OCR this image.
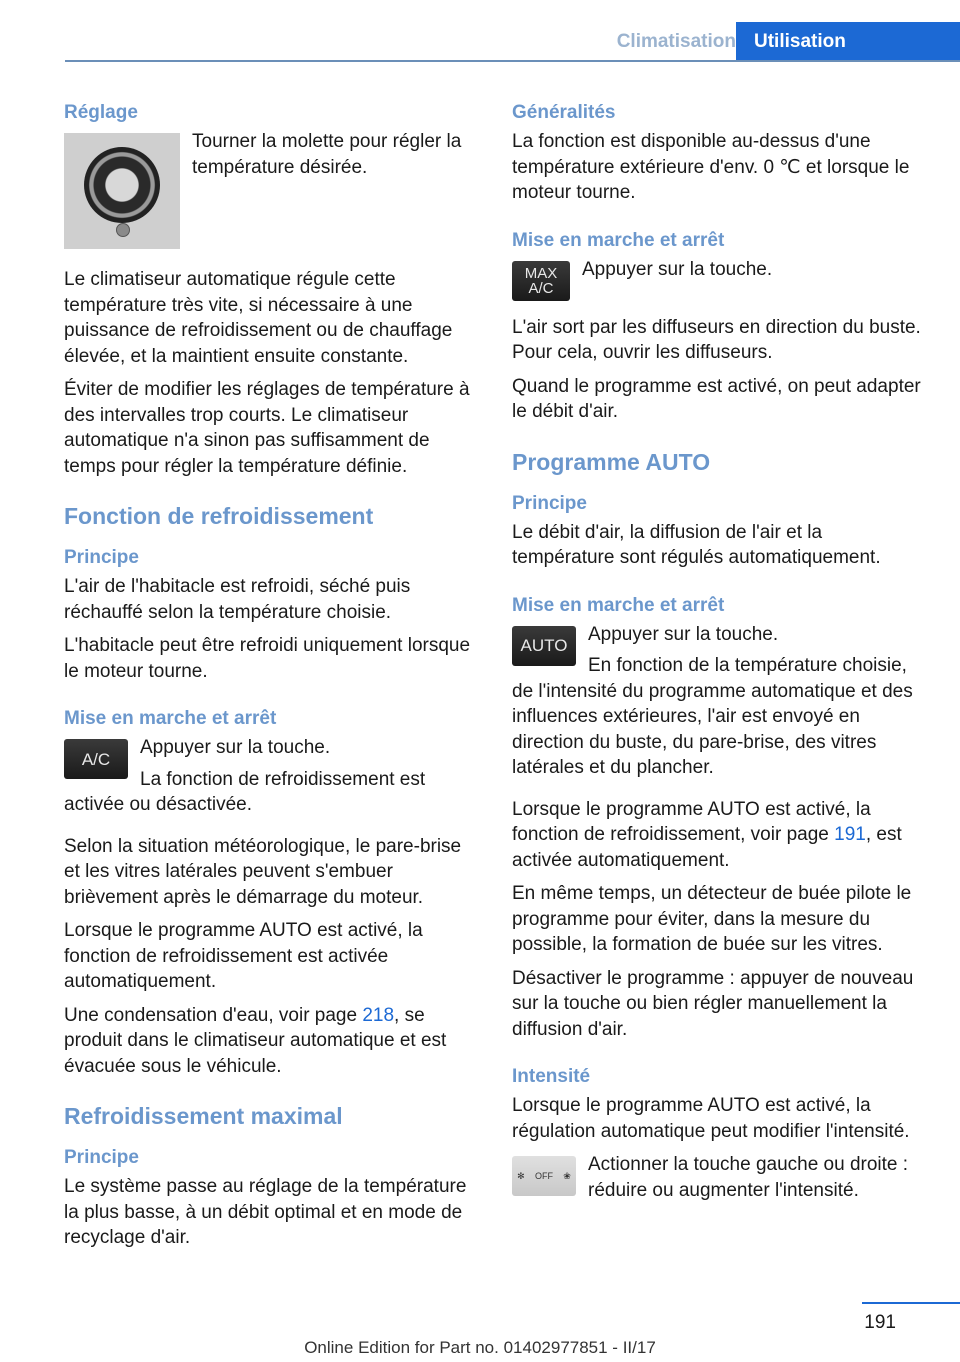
Climatisation Utilisation
Réglage

Tourner la molette pour régler la température désirée.

Le climatiseur automatique régule cette température très vite, si nécessaire à une puissance de refroidissement ou de chauffage élevée, et la maintient ensuite constante.

Éviter de modifier les réglages de température à des intervalles trop courts. Le climatiseur automatique n'a sinon pas suffisamment de temps pour régler la température définie.

Fonction de refroidissement
Principe

L'air de l'habitacle est refroidi, séché puis réchauffé selon la température choisie.

L'habitacle peut être refroidi uniquement lorsque le moteur tourne.

Mise en marche et arrêt
A/C

Appuyer sur la touche.

La fonction de refroidissement est activée ou désactivée.

Selon la situation météorologique, le pare-brise et les vitres latérales peuvent s'embuer brièvement après le démarrage du moteur.

Lorsque le programme AUTO est activé, la fonction de refroidissement est activée automatiquement.

Une condensation d'eau, voir page 218, se produit dans le climatiseur automatique et est évacuée sous le véhicule.

Refroidissement maximal
Principe

Le système passe au réglage de la température la plus basse, à un débit optimal et en mode de recyclage d'air.

Généralités

La fonction est disponible au-dessus d'une température extérieure d'env. 0 ℃ et lorsque le moteur tourne.

Mise en marche et arrêt
MAX A/C

Appuyer sur la touche.

L'air sort par les diffuseurs en direction du buste. Pour cela, ouvrir les diffuseurs.

Quand le programme est activé, on peut adapter le débit d'air.

Programme AUTO
Principe

Le débit d'air, la diffusion de l'air et la température sont régulés automatiquement.

Mise en marche et arrêt
AUTO

Appuyer sur la touche.

En fonction de la température choisie, de l'intensité du programme automatique et des influences extérieures, l'air est envoyé en direction du buste, du pare-brise, des vitres latérales et du plancher.

Lorsque le programme AUTO est activé, la fonction de refroidissement, voir page 191, est activée automatiquement.

En même temps, un détecteur de buée pilote le programme pour éviter, dans la mesure du possible, la formation de buée sur les vitres.

Désactiver le programme : appuyer de nouveau sur la touche ou bien régler manuellement la diffusion d'air.

Intensité

Lorsque le programme AUTO est activé, la régulation automatique peut modifier l'intensité.

✻ OFF ❀

Actionner la touche gauche ou droite : réduire ou augmenter l'intensité.

191
Online Edition for Part no. 01402977851 - II/17
